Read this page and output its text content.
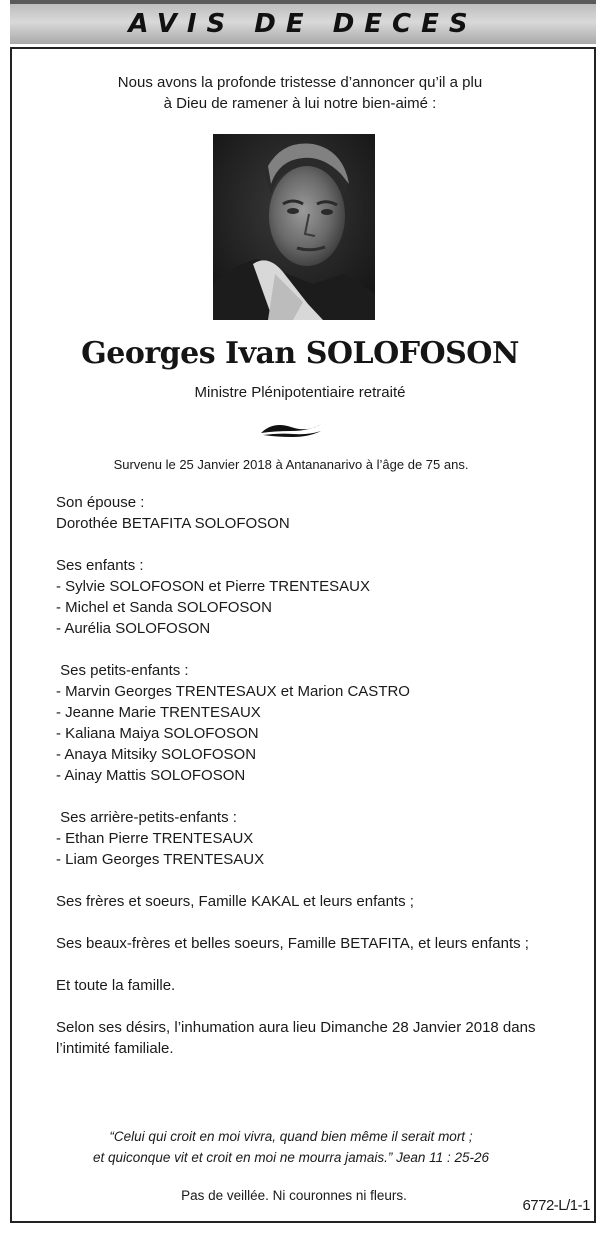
AVIS DE DECES
Nous avons la profonde tristesse d’annoncer qu’il a plu
à Dieu de ramener à lui notre bien-aimé :
Georges Ivan SOLOFOSON
Ministre Plénipotentiaire retraité
Survenu le 25 Janvier 2018 à Antananarivo à l’âge de 75 ans.

Son épouse :

Dorothée BETAFITA SOLOFOSON

Ses enfants :

- Sylvie SOLOFOSON et Pierre TRENTESAUX

- Michel et Sanda SOLOFOSON

- Aurélia SOLOFOSON

Ses petits-enfants :

- Marvin Georges TRENTESAUX et Marion CASTRO

- Jeanne Marie TRENTESAUX

- Kaliana Maiya SOLOFOSON

- Anaya Mitsiky SOLOFOSON

- Ainay Mattis SOLOFOSON

Ses arrière-petits-enfants :

- Ethan Pierre TRENTESAUX

- Liam Georges TRENTESAUX

Ses frères et soeurs, Famille KAKAL et leurs enfants ;

Ses beaux-frères et belles soeurs, Famille BETAFITA, et leurs enfants ;

Et toute la famille.

Selon ses désirs, l’inhumation aura lieu Dimanche 28 Janvier 2018 dans l’intimité familiale.

“Celui qui croit en moi vivra, quand bien même il serait mort ;
et quiconque vit et croit en moi ne mourra jamais.” Jean 11 : 25-26
Pas de veillée. Ni couronnes ni fleurs.
6772-L/1-1
